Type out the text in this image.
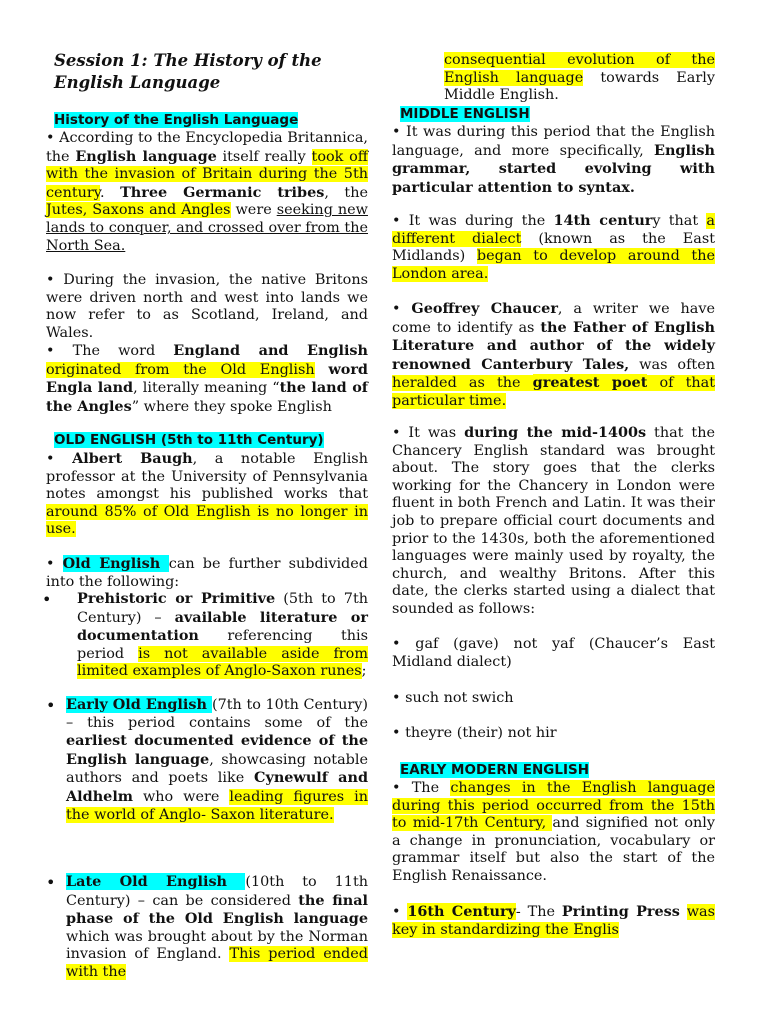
Session 1: The History of the
English Language
History of the English Language

• According to the Encyclopedia Britannica, the English language itself really took off with the invasion of Britain during the 5th century. Three Germanic tribes, the Jutes, Saxons and Angles were seeking new lands to conquer, and crossed over from the North Sea.

• During the invasion, the native Britons were driven north and west into lands we now refer to as Scotland, Ireland, and Wales.

• The word England and English originated from the Old English word Engla land, literally meaning “the land of the Angles” where they spoke English

OLD ENGLISH (5th to 11th Century)

• Albert Baugh, a notable English professor at the University of Pennsylvania notes amongst his published works that around 85% of Old English is no longer in use.

• Old English can be further subdivided into the following:

• Prehistoric or Primitive (5th to 7th Century) – available literature or documentation referencing this period is not available aside from limited examples of Anglo-Saxon runes;

• Early Old English (7th to 10th Century) – this period contains some of the earliest documented evidence of the English language, showcasing notable authors and poets like Cynewulf and Aldhelm who were leading figures in the world of Anglo- Saxon literature.

• Late Old English (10th to 11th Century) – can be considered the final phase of the Old English language which was brought about by the Norman invasion of England. This period ended with the

consequential evolution of the English language towards Early Middle English.

MIDDLE ENGLISH

• It was during this period that the English language, and more specifically, English grammar, started evolving with particular attention to syntax.

• It was during the 14th century that a different dialect (known as the East Midlands) began to develop around the London area.

• Geoffrey Chaucer, a writer we have come to identify as the Father of English Literature and author of the widely renowned Canterbury Tales, was often heralded as the greatest poet of that particular time.

• It was during the mid-1400s that the Chancery English standard was brought about. The story goes that the clerks working for the Chancery in London were fluent in both French and Latin. It was their job to prepare official court documents and prior to the 1430s, both the aforementioned languages were mainly used by royalty, the church, and wealthy Britons. After this date, the clerks started using a dialect that sounded as follows:

• gaf (gave) not yaf (Chaucer’s East Midland dialect)

• such not swich

• theyre (their) not hir

EARLY MODERN ENGLISH

• The changes in the English language during this period occurred from the 15th to mid-17th Century, and signified not only a change in pronunciation, vocabulary or grammar itself but also the start of the English Renaissance.

• 16th Century- The Printing Press was key in standardizing the Englis
